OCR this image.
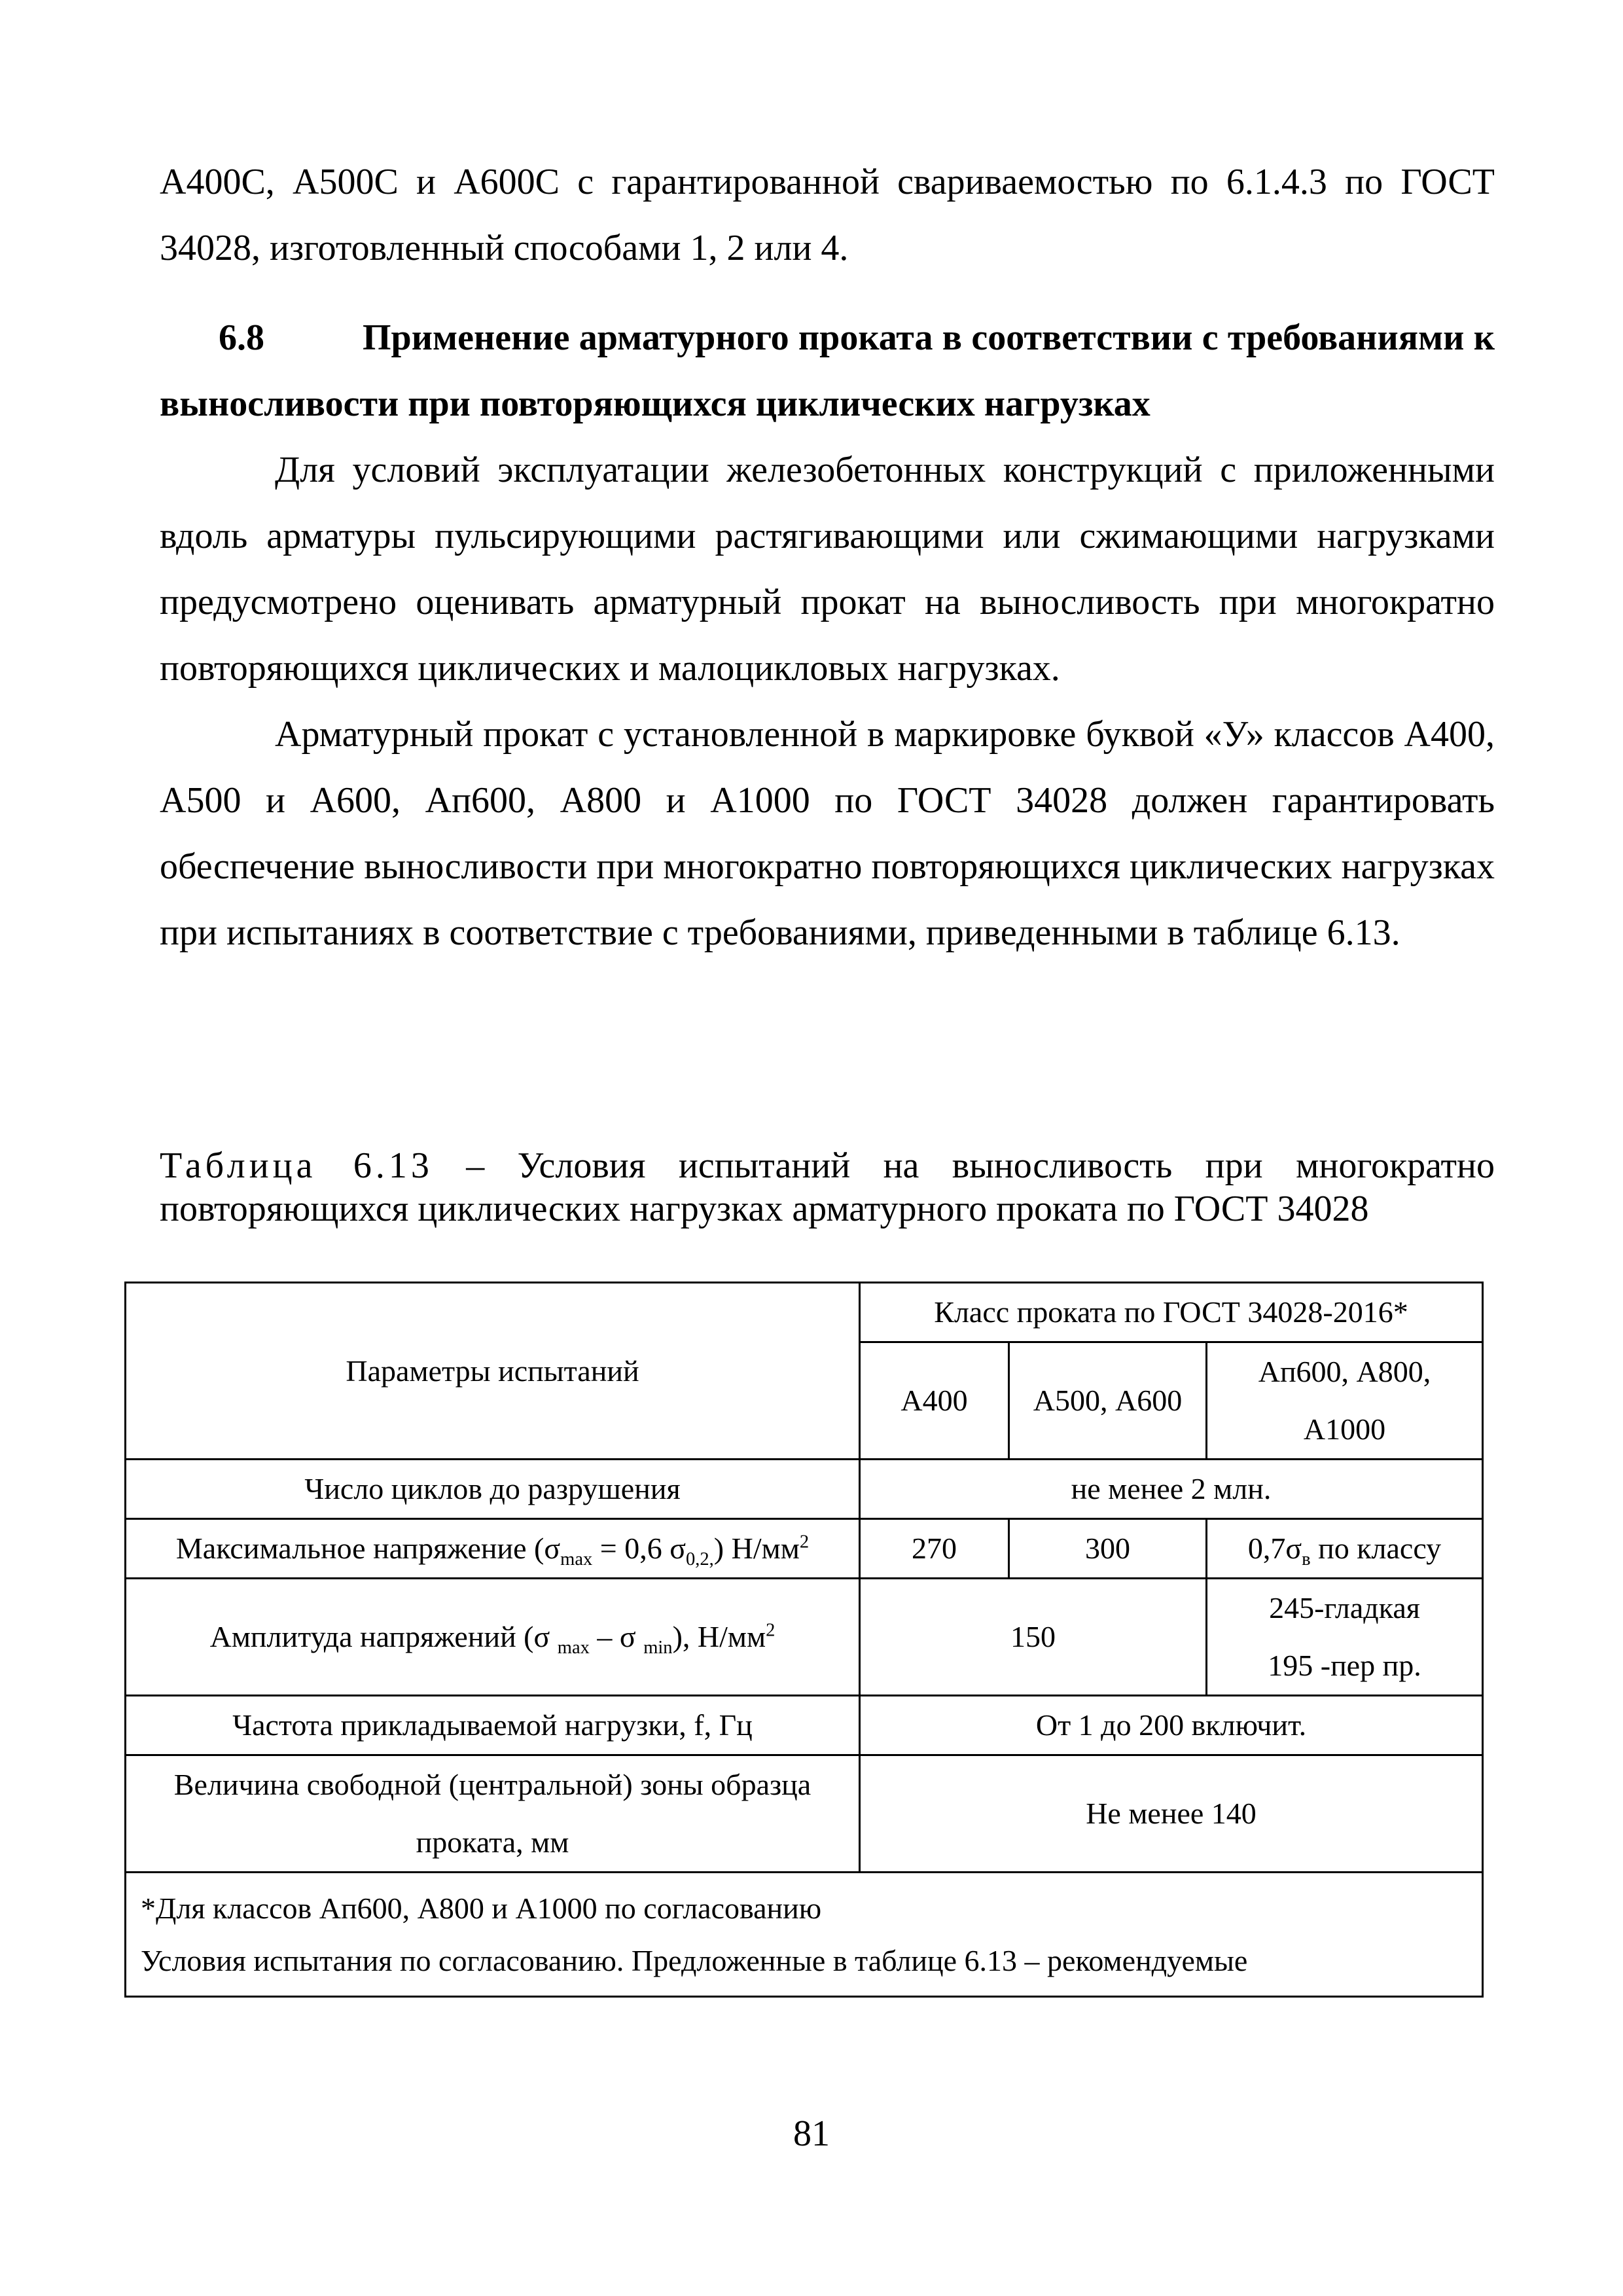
А400С, А500С и А600С с гарантированной свариваемостью по 6.1.4.3 по ГОСТ

34028, изготовленный способами 1, 2 или 4.

6.8	Применение арматурного проката в соответствии с требованиями к выносливости при повторяющихся циклических нагрузках

Для условий эксплуатации железобетонных конструкций с приложенными вдоль арматуры пульсирующими растягивающими или сжимающими нагрузками предусмотрено оценивать арматурный прокат на выносливость при многократно повторяющихся циклических и малоцикловых нагрузках.

Арматурный прокат с установленной в маркировке буквой «У» классов А400, А500 и А600, Ап600, А800 и А1000 по ГОСТ 34028 должен гарантировать обеспечение выносливости при многократно повторяющихся циклических нагрузках при испытаниях в соответствие с требованиями, приведенными в таблице 6.13.

Таблица 6.13 – Условия испытаний на выносливость при многократно повторяющихся циклических нагрузках арматурного проката по ГОСТ 34028

Параметры испытаний	Класс проката по ГОСТ 34028-2016*		
	А400	А500, А600	Ап600, А800,
А1000

Число циклов до разрушения	не менее 2 млн.		
Максимальное напряжение ($\sigma_{max} = 0,6$ $\sigma_{0,2,}$) $Н/мм^2$	270	300	$0,7\sigma_в$ по классу
Амплитуда напряжений (σ $_{max}$ – σ $_{min}$), $Н/мм^2$	150		245-гладкая
195 -пер пр.

Частота прикладываемой нагрузки, f, Гц	От 1 до 200 включит.		

Величина свободной (центральной) зоны образца
проката, мм	Не менее 140		

*Для классов Ап600, А800 и А1000 по согласованию
Условия испытания по согласованию. Предложенные в таблице 6.13 – рекомендуемые			
81
